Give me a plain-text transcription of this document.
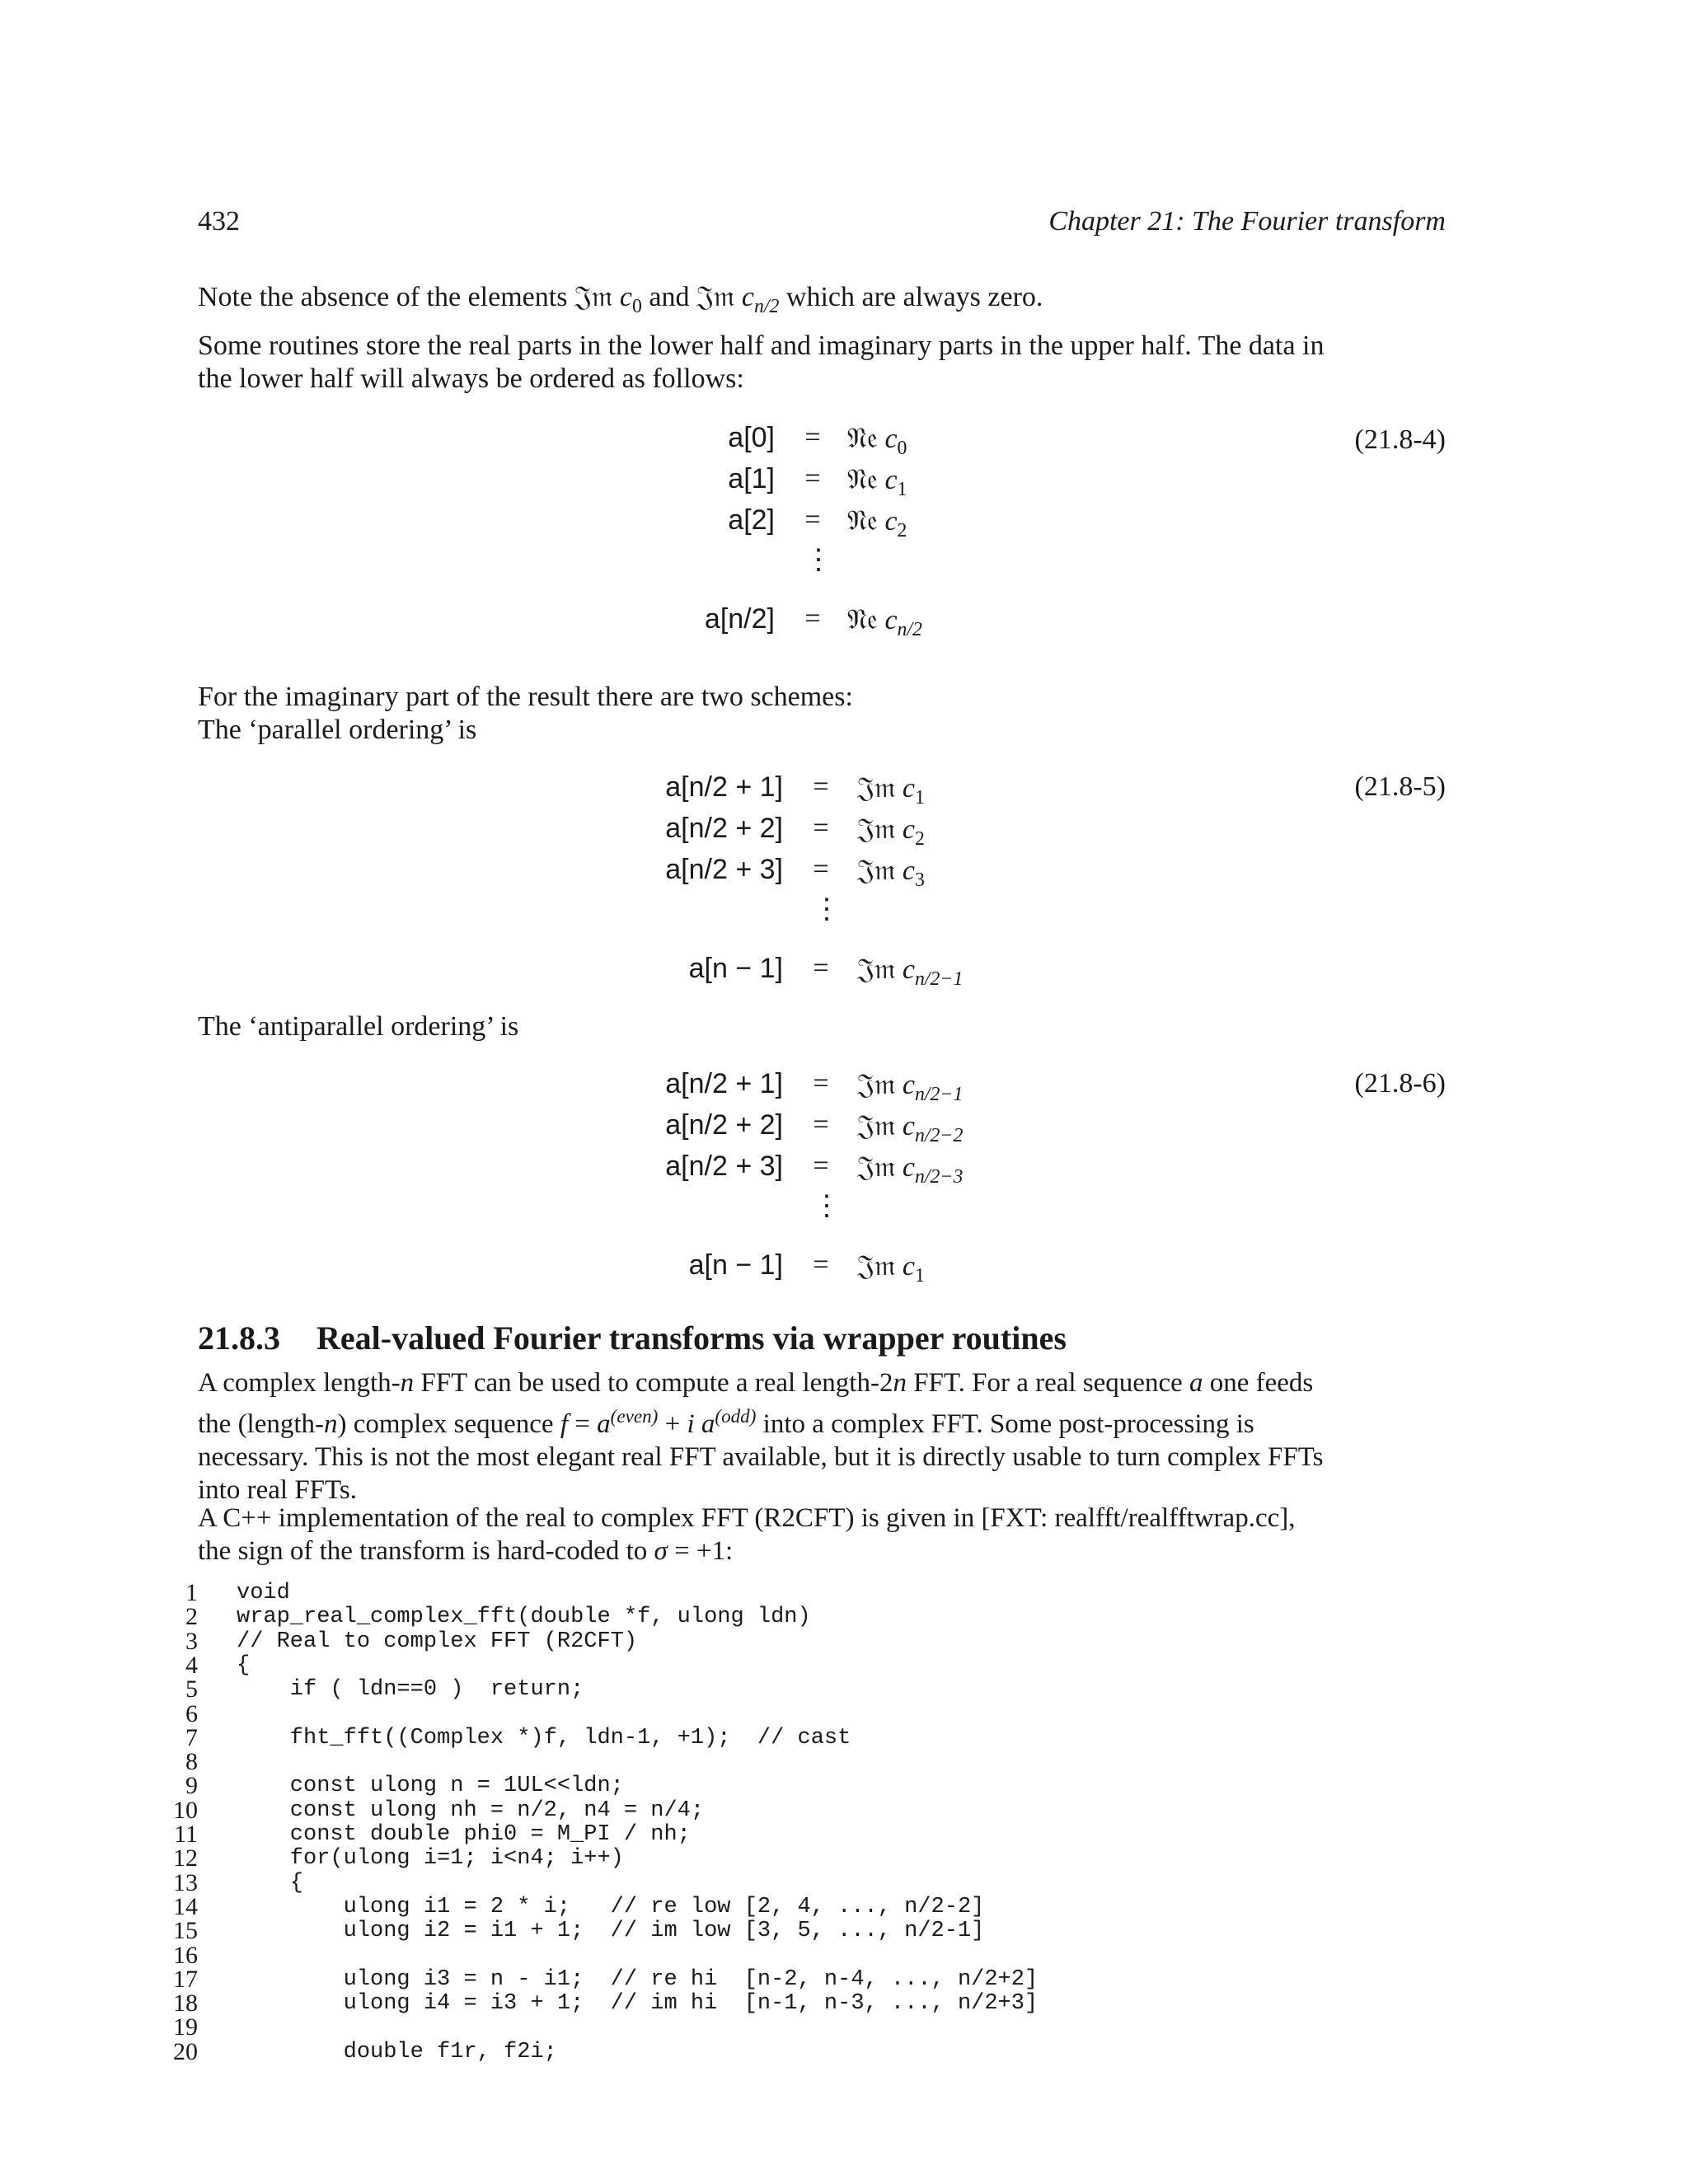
432	Chapter 21: The Fourier transform
Note the absence of the elements 𝔍𝔪 $c_0$ and 𝔍𝔪 $c_{n/2}$ which are always zero.
Some routines store the real parts in the lower half and imaginary parts in the upper half. The data in
the lower half will always be ordered as follows:
(21.8-4)
a[0]	= 𝔑𝔢 $c_0$
a[1]	= 𝔑𝔢 $c_1$
a[2]	= 𝔑𝔢 $c_2$
⋮
a[n/2]	= 𝔑𝔢 $c_{n/2}$
For the imaginary part of the result there are two schemes:
The ‘parallel ordering’ is
(21.8-5)
a[n/2 + 1]	=	𝔍𝔪 $c_1$
a[n/2 + 2]	=	𝔍𝔪 $c_2$
a[n/2 + 3]	=	𝔍𝔪 $c_3$
⋮
a[n − 1]	=	𝔍𝔪 $c_{n/2-1}$
The ‘antiparallel ordering’ is
(21.8-6)
a[n/2 + 1]	=	𝔍𝔪 $c_{n/2-1}$
a[n/2 + 2]	=	𝔍𝔪 $c_{n/2-2}$
a[n/2 + 3]	=	𝔍𝔪 $c_{n/2-3}$
⋮
a[n − 1]	=	𝔍𝔪 $c_1$
21.8.3 Real-valued Fourier transforms via wrapper routines
A complex length-n FFT can be used to compute a real length-2n FFT. For a real sequence a one feeds
the (length-n) complex sequence $f = a^{(even)} + i$ $a^{(odd)}$ into a complex FFT. Some post-processing is
necessary. This is not the most elegant real FFT available, but it is directly usable to turn complex FFTs
into real FFTs.
A C++ implementation of the real to complex FFT (R2CFT) is given in [FXT: realfft/realfftwrap.cc],
the sign of the transform is hard-coded to σ = +1:
1 void
2 wrap_real_complex_fft(double *f, ulong ldn)
3 // Real to complex FFT (R2CFT)
4 {
5 if ( ldn==0 )  return;
6
7 fht_fft((Complex *)f, ldn-1, +1);  // cast
8
9 const ulong n = 1UL<<ldn;
10 const ulong nh = n/2, n4 = n/4;
11 const double phi0 = M_PI / nh;
12 for(ulong i=1; i<n4; i++)
13 {
14 ulong i1 = 2 * i;   // re low [2, 4, ..., n/2-2]
15 ulong i2 = i1 + 1;  // im low [3, 5, ..., n/2-1]
16
17 ulong i3 = n - i1;  // re hi  [n-2, n-4, ..., n/2+2]
18 ulong i4 = i3 + 1;  // im hi  [n-1, n-3, ..., n/2+3]
19
20 double f1r, f2i;
